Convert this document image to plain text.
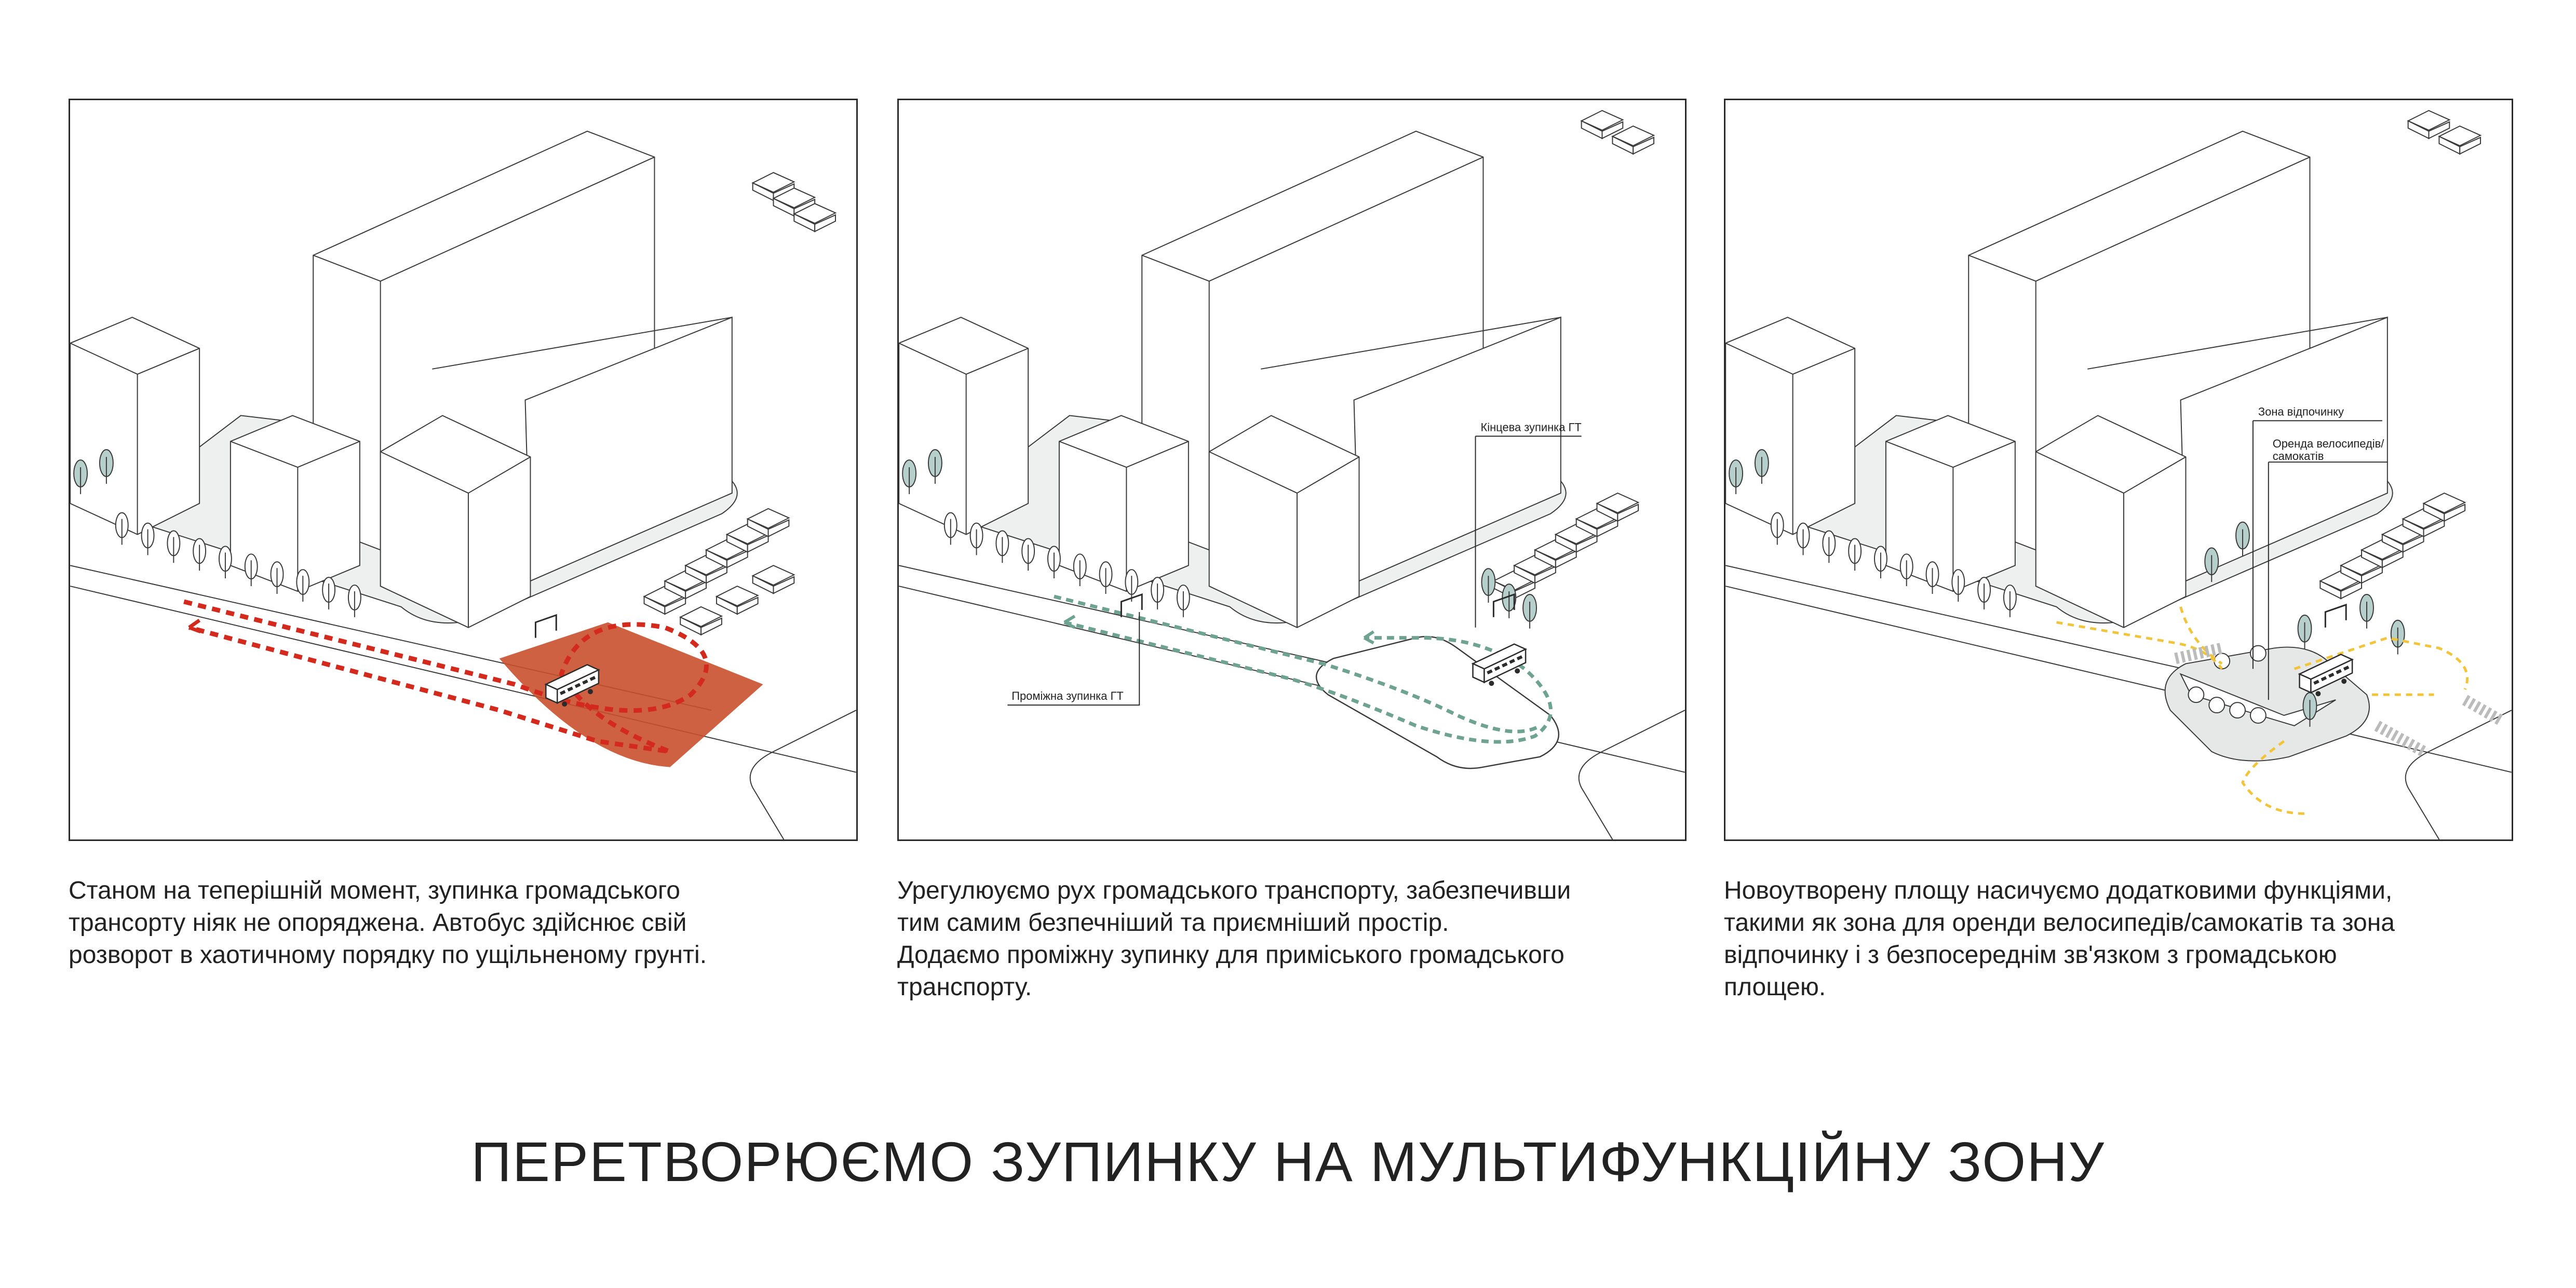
Кінцева зупинка ГТ
Проміжна зупинка ГТ
Зона відпочинку
Оренда велосипедів/
самокатів
Станом на теперішній момент, зупинка громадського
трансорту ніяк не опоряджена. Автобус здійснює свій
розворот в хаотичному порядку по ущільненому грунті.
Урегулюуємо рух громадського транспорту, забезпечивши
тим самим безпечніший та приємніший простір.
Додаємо проміжну зупинку для приміського громадського
транспорту.
Новоутворену площу насичуємо додатковими функціями,
такими як зона для оренди велосипедів/самокатів та зона
відпочинку і з безпосереднім зв'язком з громадською
площею.
ПЕРЕТВОРЮЄМО ЗУПИНКУ НА МУЛЬТИФУНКЦІЙНУ ЗОНУ
